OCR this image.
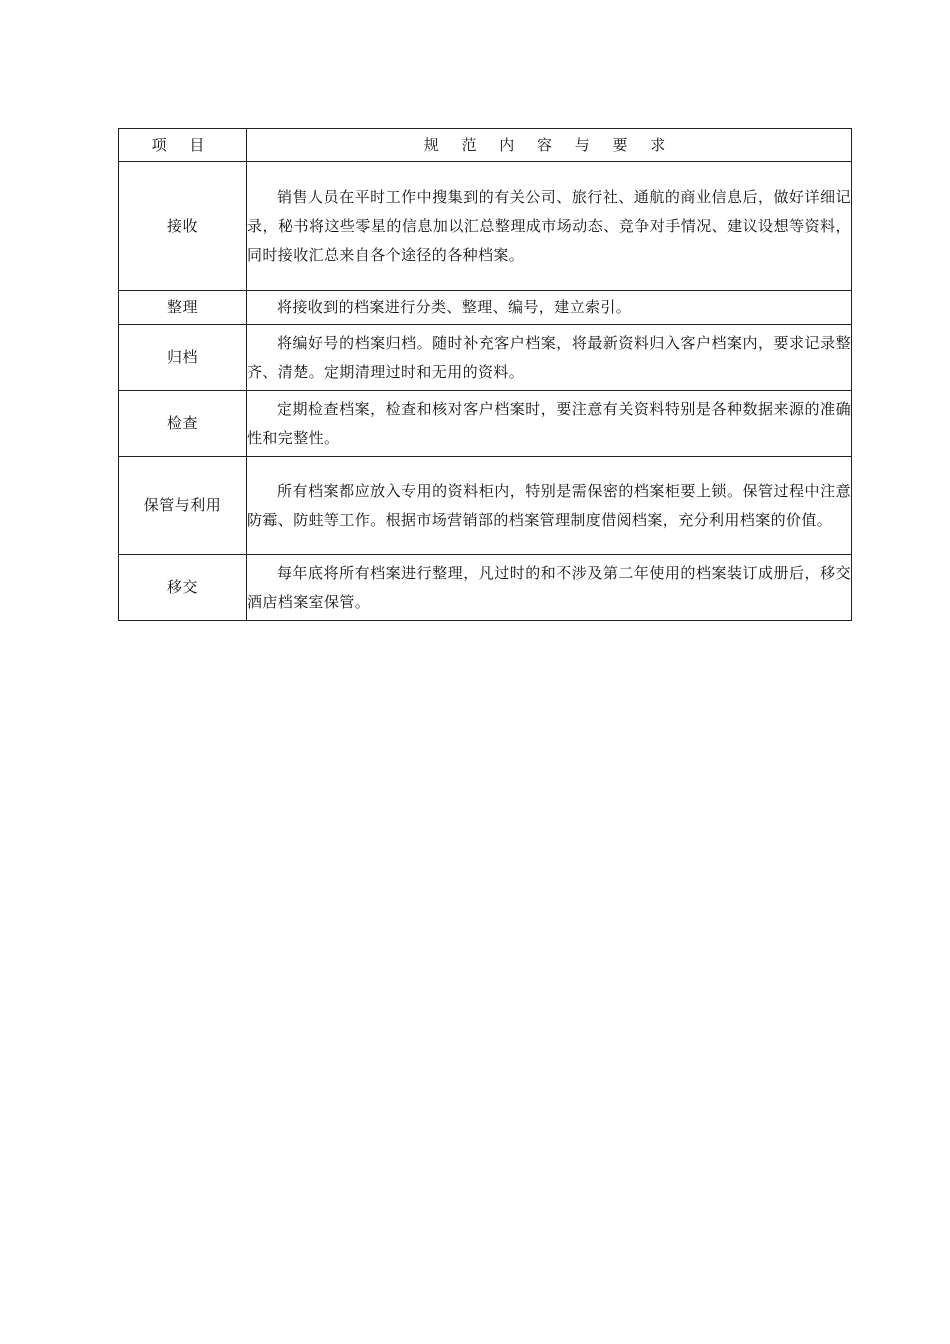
项 目	规 范 内 容 与 要 求
接收	销售人员在平时工作中搜集到的有关公司、旅行社、通航的商业信息后，做好详细记录，秘书将这些零星的信息加以汇总整理成市场动态、竞争对手情况、建议设想等资料，同时接收汇总来自各个途径的各种档案。

整理	将接收到的档案进行分类、整理、编号，建立索引。

归档	将编好号的档案归档。随时补充客户档案，将最新资料归入客户档案内，要求记录整齐、清楚。定期清理过时和无用的资料。

检查	定期检查档案，检查和核对客户档案时，要注意有关资料特别是各种数据来源的准确性和完整性。

保管与利用	所有档案都应放入专用的资料柜内，特别是需保密的档案柜要上锁。保管过程中注意防霉、防蛀等工作。根据市场营销部的档案管理制度借阅档案，充分利用档案的价值。

移交	每年底将所有档案进行整理，凡过时的和不涉及第二年使用的档案装订成册后，移交酒店档案室保管。
